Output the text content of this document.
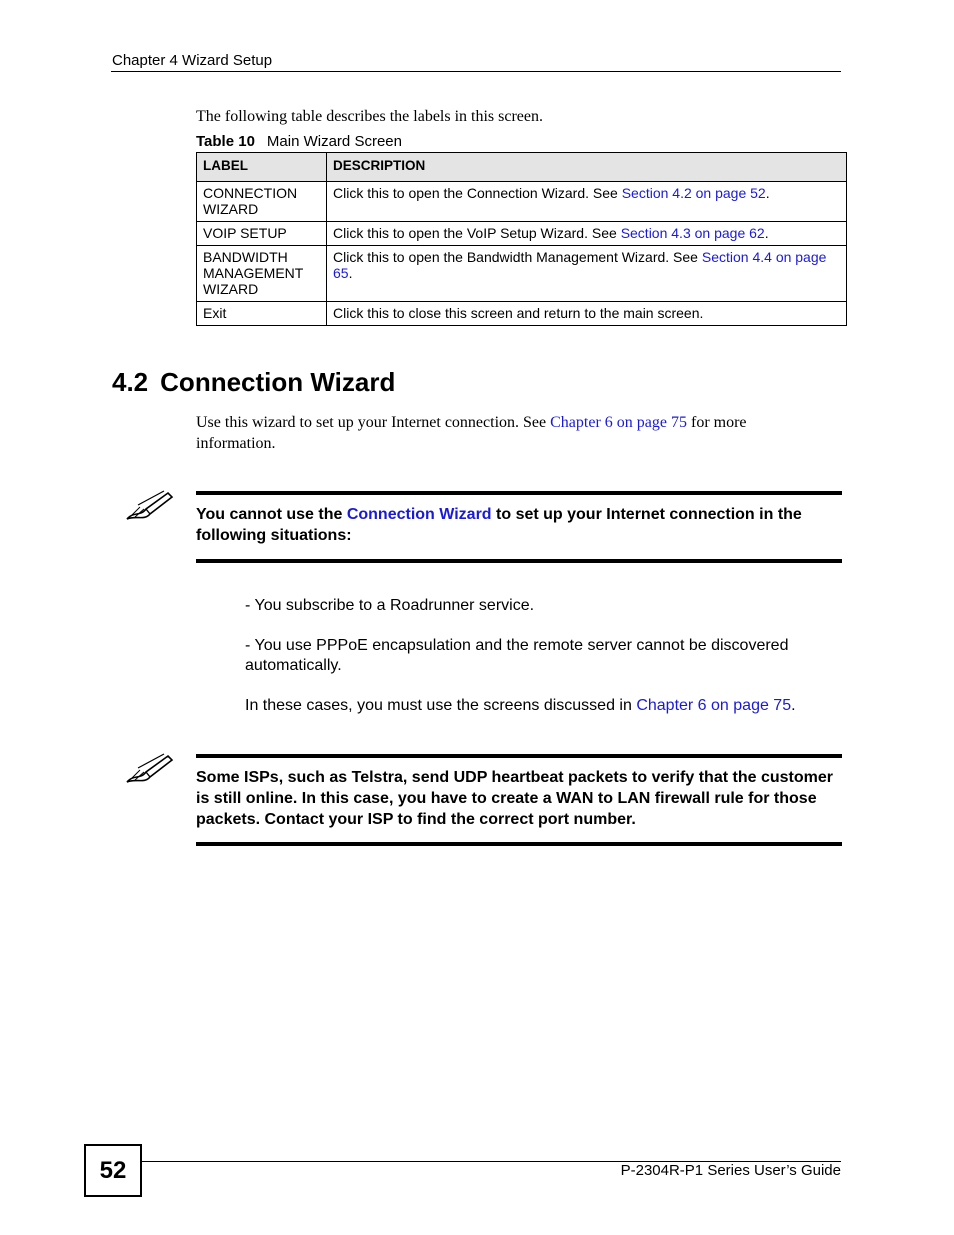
Chapter 4 Wizard Setup
The following table describes the labels in this screen.
Table 10 Main Wizard Screen
LABEL	DESCRIPTION
CONNECTION WIZARD	Click this to open the Connection Wizard. See Section 4.2 on page 52.
VOIP SETUP	Click this to open the VoIP Setup Wizard. See Section 4.3 on page 62.
BANDWIDTH MANAGEMENT WIZARD	Click this to open the Bandwidth Management Wizard. See Section 4.4 on page 65.
Exit	Click this to close this screen and return to the main screen.
4.2 Connection Wizard
Use this wizard to set up your Internet connection. See Chapter 6 on page 75 for more information.
You cannot use the Connection Wizard to set up your Internet connection in the following situations:
- You subscribe to a Roadrunner service.
- You use PPPoE encapsulation and the remote server cannot be discovered automatically.
In these cases, you must use the screens discussed in Chapter 6 on page 75.
Some ISPs, such as Telstra, send UDP heartbeat packets to verify that the customer is still online. In this case, you have to create a WAN to LAN firewall rule for those packets. Contact your ISP to find the correct port number.
52	P-2304R-P1 Series User’s Guide
